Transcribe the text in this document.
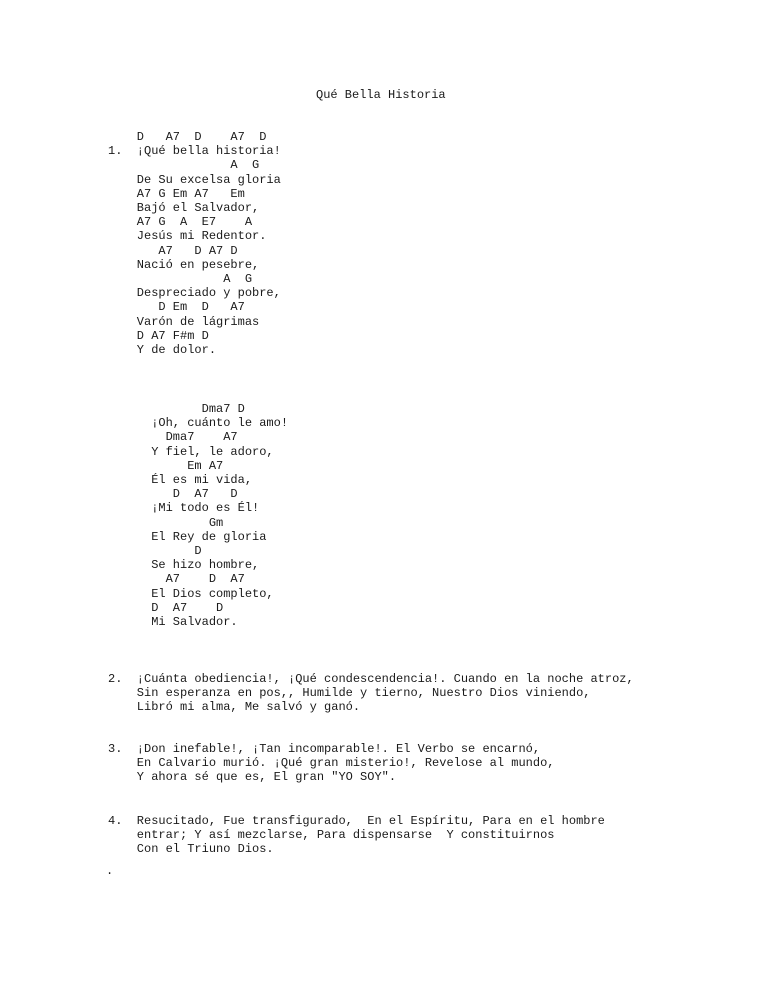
Qué Bella Historia
D   A7  D    A7  D
1.  ¡Qué bella historia!
A  G
De Su excelsa gloria
A7 G Em A7   Em
Bajó el Salvador,
A7 G  A  E7    A
Jesús mi Redentor.
A7   D A7 D
Nació en pesebre,
A  G
Despreciado y pobre,
D Em  D   A7
Varón de lágrimas
D A7 F#m D
Y de dolor.
Dma7 D
¡Oh, cuánto le amo!
Dma7    A7
Y fiel, le adoro,
Em A7
Él es mi vida,
D  A7   D
¡Mi todo es Él!
Gm
El Rey de gloria
D
Se hizo hombre,
A7    D  A7
El Dios completo,
D  A7    D
Mi Salvador.
2.  ¡Cuánta obediencia!, ¡Qué condescendencia!. Cuando en la noche atroz,
Sin esperanza en pos,, Humilde y tierno, Nuestro Dios viniendo,
Libró mi alma, Me salvó y ganó.
3.  ¡Don inefable!, ¡Tan incomparable!. El Verbo se encarnó,
En Calvario murió. ¡Qué gran misterio!, Revelose al mundo,
Y ahora sé que es, El gran "YO SOY".
4.  Resucitado, Fue transfigurado,  En el Espíritu, Para en el hombre
entrar; Y así mezclarse, Para dispensarse  Y constituirnos
Con el Triuno Dios.
.
